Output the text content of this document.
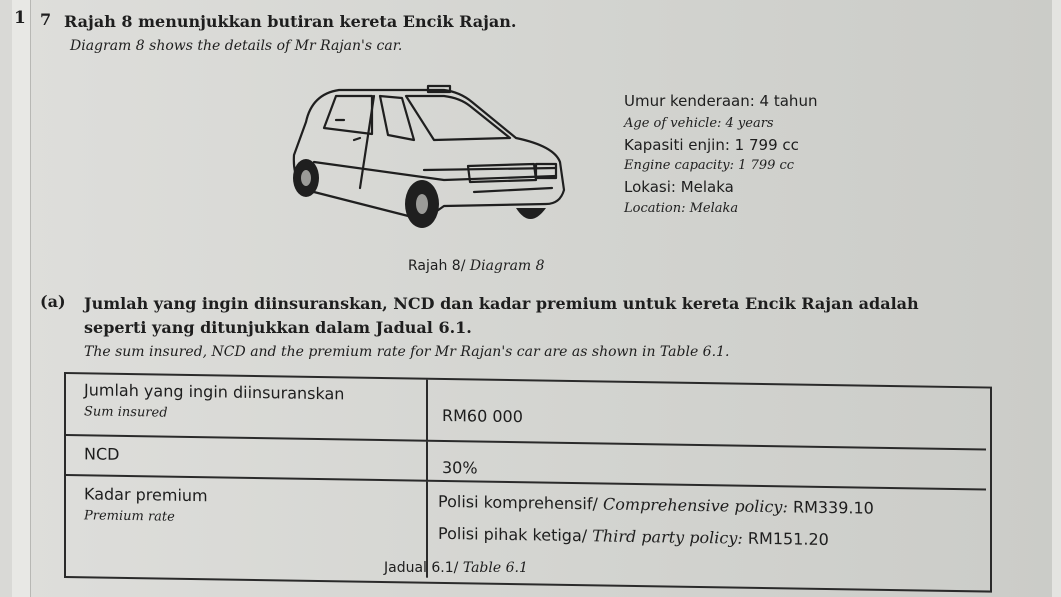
1 7 Rajah 8 menunjukkan butiran kereta Encik Rajan.
Diagram 8 shows the details of Mr Rajan's car.
Umur kenderaan: 4 tahun
Age of vehicle: 4 years
Kapasiti enjin: 1 799 cc
Engine capacity: 1 799 cc
Lokasi: Melaka
Location: Melaka
Rajah 8/ Diagram 8
(a) Jumlah yang ingin diinsuranskan, NCD dan kadar premium untuk kereta Encik Rajan adalah
seperti yang ditunjukkan dalam Jadual 6.1.
The sum insured, NCD and the premium rate for Mr Rajan's car are as shown in Table 6.1.
Jumlah yang ingin diinsuranskan
Sum insured	RM60 000
NCD
30%
Kadar premium
Premium rate
Polisi komprehensif/ Comprehensive policy: RM339.10
Polisi pihak ketiga/ Third party policy: RM151.20
Jadual 6.1/ Table 6.1
